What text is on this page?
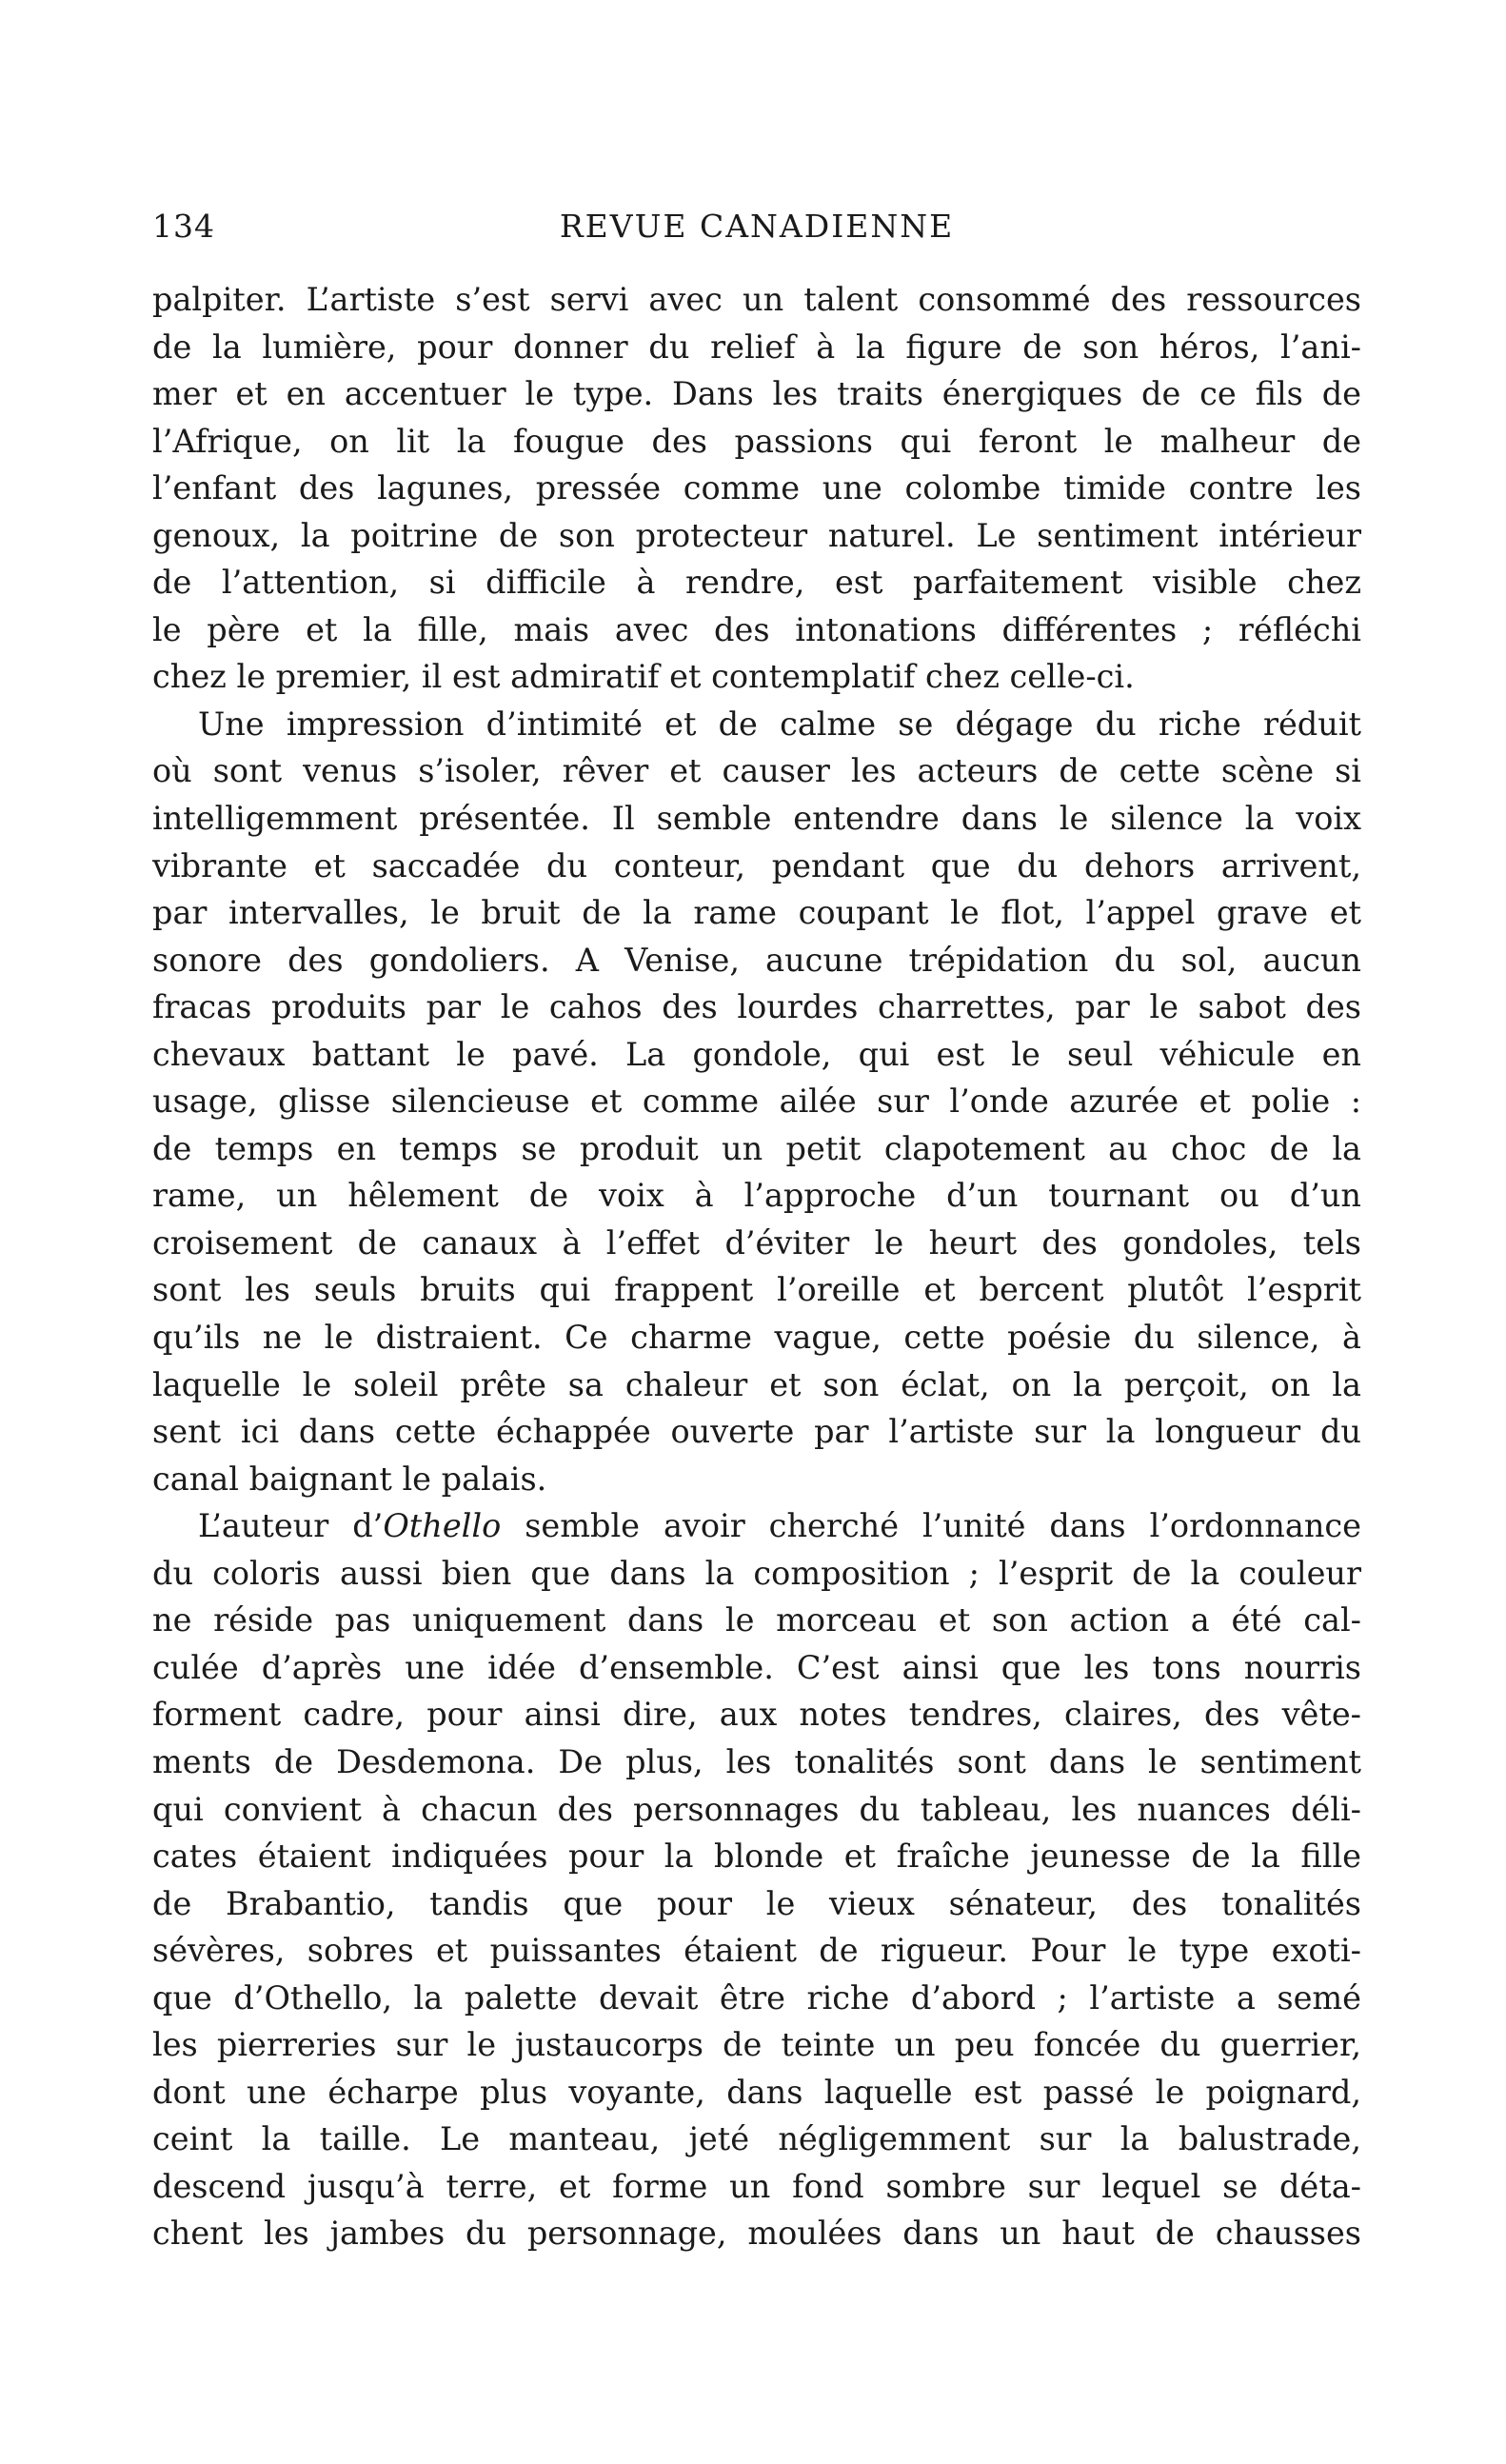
134	REVUE CANADIENNE
palpiter. L’artiste s’est servi avec un talent consommé des ressources
de la lumière, pour donner du relief à la figure de son héros, l’ani-
mer et en accentuer le type. Dans les traits énergiques de ce fils de
l’Afrique, on lit la fougue des passions qui feront le malheur de
l’enfant des lagunes, pressée comme une colombe timide contre les
genoux, la poitrine de son protecteur naturel. Le sentiment intérieur
de l’attention, si difficile à rendre, est parfaitement visible chez
le père et la fille, mais avec des intonations différentes ; réfléchi
chez le premier, il est admiratif et contemplatif chez celle-ci.
Une impression d’intimité et de calme se dégage du riche réduit
où sont venus s’isoler, rêver et causer les acteurs de cette scène si
intelligemment présentée. Il semble entendre dans le silence la voix
vibrante et saccadée du conteur, pendant que du dehors arrivent,
par intervalles, le bruit de la rame coupant le flot, l’appel grave et
sonore des gondoliers. A Venise, aucune trépidation du sol, aucun
fracas produits par le cahos des lourdes charrettes, par le sabot des
chevaux battant le pavé. La gondole, qui est le seul véhicule en
usage, glisse silencieuse et comme ailée sur l’onde azurée et polie :
de temps en temps se produit un petit clapotement au choc de la
rame, un hêlement de voix à l’approche d’un tournant ou d’un
croisement de canaux à l’effet d’éviter le heurt des gondoles, tels
sont les seuls bruits qui frappent l’oreille et bercent plutôt l’esprit
qu’ils ne le distraient. Ce charme vague, cette poésie du silence, à
laquelle le soleil prête sa chaleur et son éclat, on la perçoit, on la
sent ici dans cette échappée ouverte par l’artiste sur la longueur du
canal baignant le palais.
L’auteur d’Othello semble avoir cherché l’unité dans l’ordonnance
du coloris aussi bien que dans la composition ; l’esprit de la couleur
ne réside pas uniquement dans le morceau et son action a été cal-
culée d’après une idée d’ensemble. C’est ainsi que les tons nourris
forment cadre, pour ainsi dire, aux notes tendres, claires, des vête-
ments de Desdemona. De plus, les tonalités sont dans le sentiment
qui convient à chacun des personnages du tableau, les nuances déli-
cates étaient indiquées pour la blonde et fraîche jeunesse de la fille
de Brabantio, tandis que pour le vieux sénateur, des tonalités
sévères, sobres et puissantes étaient de rigueur. Pour le type exoti-
que d’Othello, la palette devait être riche d’abord ; l’artiste a semé
les pierreries sur le justaucorps de teinte un peu foncée du guerrier,
dont une écharpe plus voyante, dans laquelle est passé le poignard,
ceint la taille. Le manteau, jeté négligemment sur la balustrade,
descend jusqu’à terre, et forme un fond sombre sur lequel se déta-
chent les jambes du personnage, moulées dans un haut de chausses
